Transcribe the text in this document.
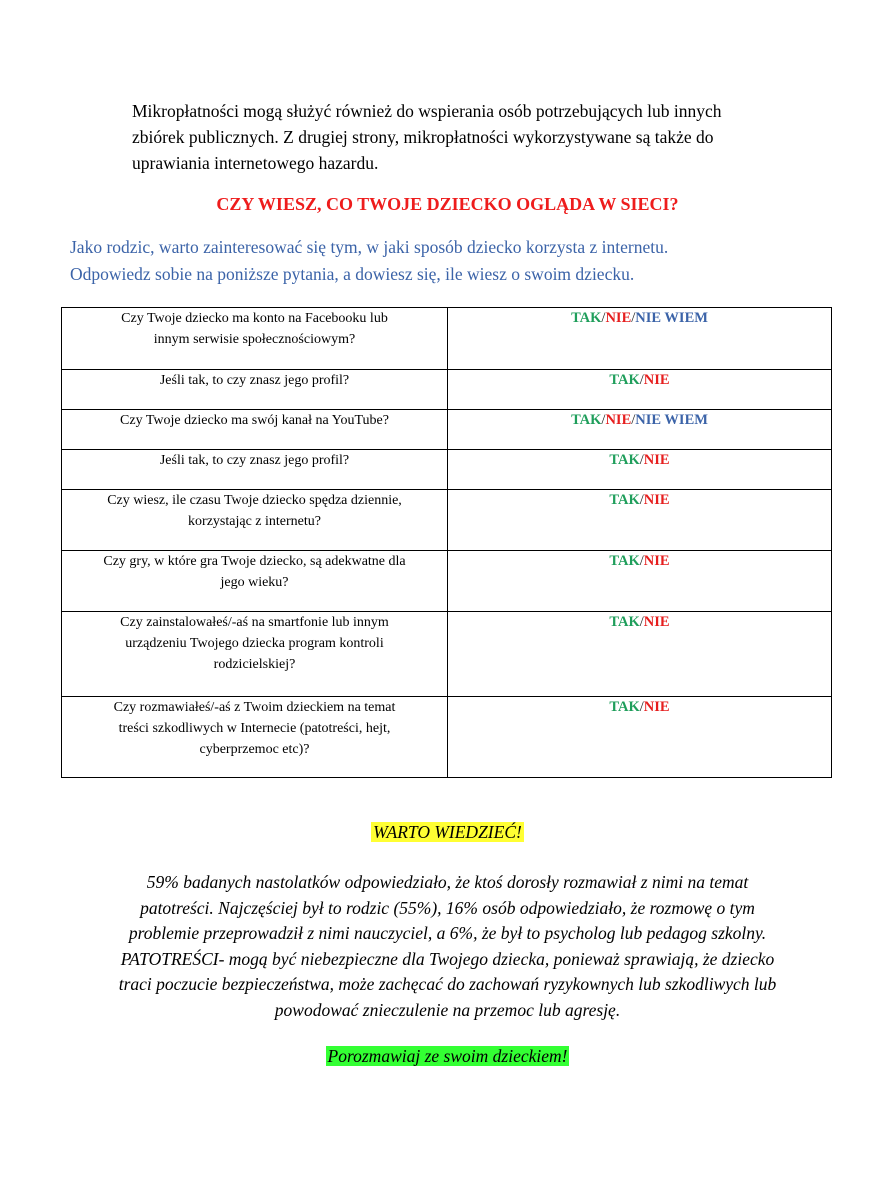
Mikropłatności mogą służyć również do wspierania osób potrzebujących lub innych
zbiórek publicznych. Z drugiej strony, mikropłatności wykorzystywane są także do
uprawiania internetowego hazardu.

CZY WIESZ, CO TWOJE DZIECKO OGLĄDA W SIECI?

Jako rodzic, warto zainteresować się tym, w jaki sposób dziecko korzysta z internetu.
Odpowiedz sobie na poniższe pytania, a dowiesz się, ile wiesz o swoim dziecku.

Czy Twoje dziecko ma konto na Facebooku lub
innym serwisie społecznościowym?	TAK/NIE/NIE WIEM
Jeśli tak, to czy znasz jego profil?	TAK/NIE
Czy Twoje dziecko ma swój kanał na YouTube?	TAK/NIE/NIE WIEM
Jeśli tak, to czy znasz jego profil?	TAK/NIE
Czy wiesz, ile czasu Twoje dziecko spędza dziennie,
korzystając z internetu?	TAK/NIE
Czy gry, w które gra Twoje dziecko, są adekwatne dla
jego wieku?	TAK/NIE
Czy zainstalowałeś/-aś na smartfonie lub innym
urządzeniu Twojego dziecka program kontroli
rodzicielskiej?	TAK/NIE
Czy rozmawiałeś/-aś z Twoim dzieckiem na temat
treści szkodliwych w Internecie (patotreści, hejt,
cyberprzemoc etc)?	TAK/NIE

WARTO WIEDZIEĆ!

59% badanych nastolatków odpowiedziało, że ktoś dorosły rozmawiał z nimi na temat
patotreści. Najczęściej był to rodzic (55%), 16% osób odpowiedziało, że rozmowę o tym
problemie przeprowadził z nimi nauczyciel, a 6%, że był to psycholog lub pedagog szkolny.
PATOTREŚCI- mogą być niebezpieczne dla Twojego dziecka, ponieważ sprawiają, że dziecko
traci poczucie bezpieczeństwa, może zachęcać do zachowań ryzykownych lub szkodliwych lub
powodować znieczulenie na przemoc lub agresję.

Porozmawiaj ze swoim dzieckiem!
